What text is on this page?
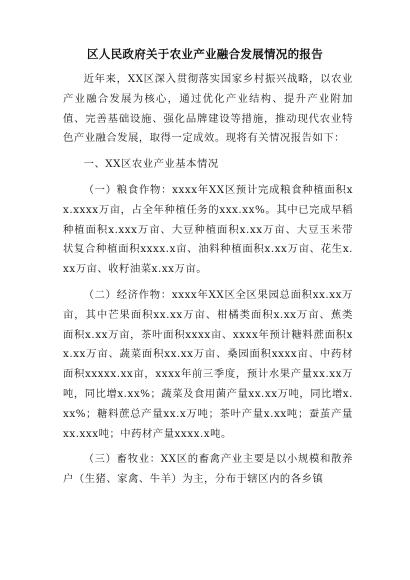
区人民政府关于农业产业融合发展情况的报告

近年来，XX区深入贯彻落实国家乡村振兴战略，以农业产业融合发展为核心，通过优化产业结构、提升产业附加值、完善基础设施、强化品牌建设等措施，推动现代农业特色产业融合发展，取得一定成效。现将有关情况报告如下：

一、XX区农业产业基本情况

（一）粮食作物：xxxx年XX区预计完成粮食种植面积xx.xxxx万亩，占全年种植任务的xxx.xx%。其中已完成早稻种植面积x.xxx万亩、大豆种植面积x.xx万亩、大豆玉米带状复合种植面积xxxx.x亩、油料种植面积x.xx万亩、花生x.xx万亩、收籽油菜x.xx万亩。

（二）经济作物：xxxx年XX区全区果园总面积xx.xx万亩，其中芒果面积xx.xx万亩、柑橘类面积x.xx万亩、蕉类面积x.xx万亩，茶叶面积xxxx亩、xxxx年预计糖料蔗面积xx.xx万亩、蔬菜面积xx.xx万亩、桑园面积xxxx亩、中药材面积xxxxx.xx亩，xxxx年前三季度，预计水果产量xx.xx万吨，同比增x.xx%；蔬菜及食用菌产量xx.xx万吨，同比增x.xx%；糖料蔗总产量xx.x万吨；茶叶产量x.xx吨；蚕茧产量xx.xxx吨；中药材产量xxxx.x吨。

（三）畜牧业：XX区的畜禽产业主要是以小规模和散养户（生猪、家禽、牛羊）为主，分布于辖区内的各乡镇
